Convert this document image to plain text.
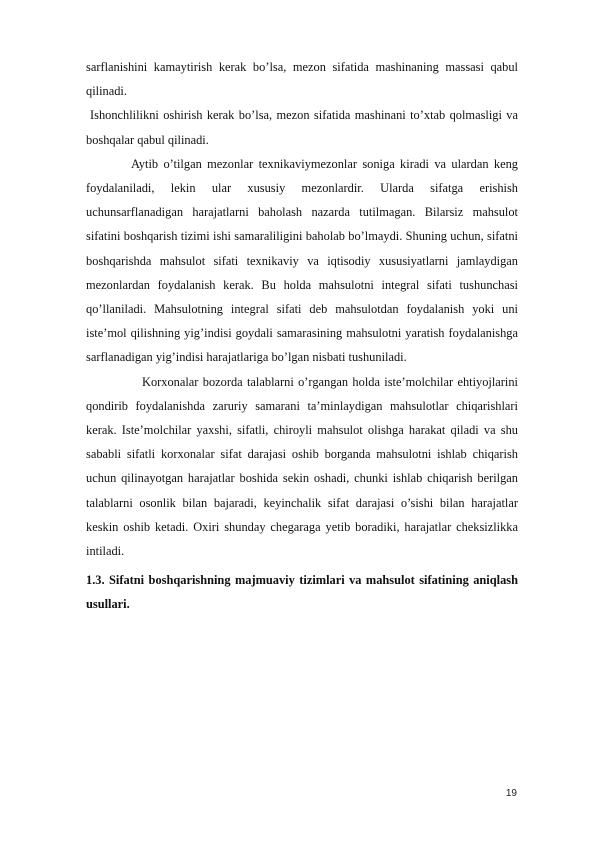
sarflanishini kamaytirish kerak bo’lsa, mezon sifatida mashinaning massasi qabul qilinadi.

Ishonchlilikni oshirish kerak bo’lsa, mezon sifatida mashinani to’xtab qolmasligi va boshqalar qabul qilinadi.

Aytib o’tilgan mezonlar texnikaviymezonlar soniga kiradi va ulardan keng foydalaniladi, lekin ular xususiy mezonlardir. Ularda sifatga erishish uchunsarflanadigan harajatlarni baholash nazarda tutilmagan. Bilarsiz mahsulot sifatini boshqarish tizimi ishi samaraliligini baholab bo’lmaydi. Shuning uchun, sifatni boshqarishda mahsulot sifati texnikaviy va iqtisodiy xususiyatlarni jamlaydigan mezonlardan foydalanish kerak. Bu holda mahsulotni integral sifati tushunchasi qo’llaniladi. Mahsulotning integral sifati deb mahsulotdan foydalanish yoki uni iste’mol qilishning yig’indisi goydali samarasining mahsulotni yaratish foydalanishga sarflanadigan yig’indisi harajatlariga bo’lgan nisbati tushuniladi.

Korxonalar bozorda talablarni o’rgangan holda iste’molchilar ehtiyojlarini qondirib foydalanishda zaruriy samarani ta’minlaydigan mahsulotlar chiqarishlari kerak. Iste’molchilar yaxshi, sifatli, chiroyli mahsulot olishga harakat qiladi va shu sababli sifatli korxonalar sifat darajasi oshib borganda mahsulotni ishlab chiqarish uchun qilinayotgan harajatlar boshida sekin oshadi, chunki ishlab chiqarish berilgan talablarni osonlik bilan bajaradi, keyinchalik sifat darajasi o’sishi bilan harajatlar keskin oshib ketadi. Oxiri shunday chegaraga yetib boradiki, harajatlar cheksizlikka intiladi.

1.3. Sifatni boshqarishning majmuaviy tizimlari va mahsulot sifatining aniqlash usullari.

19
